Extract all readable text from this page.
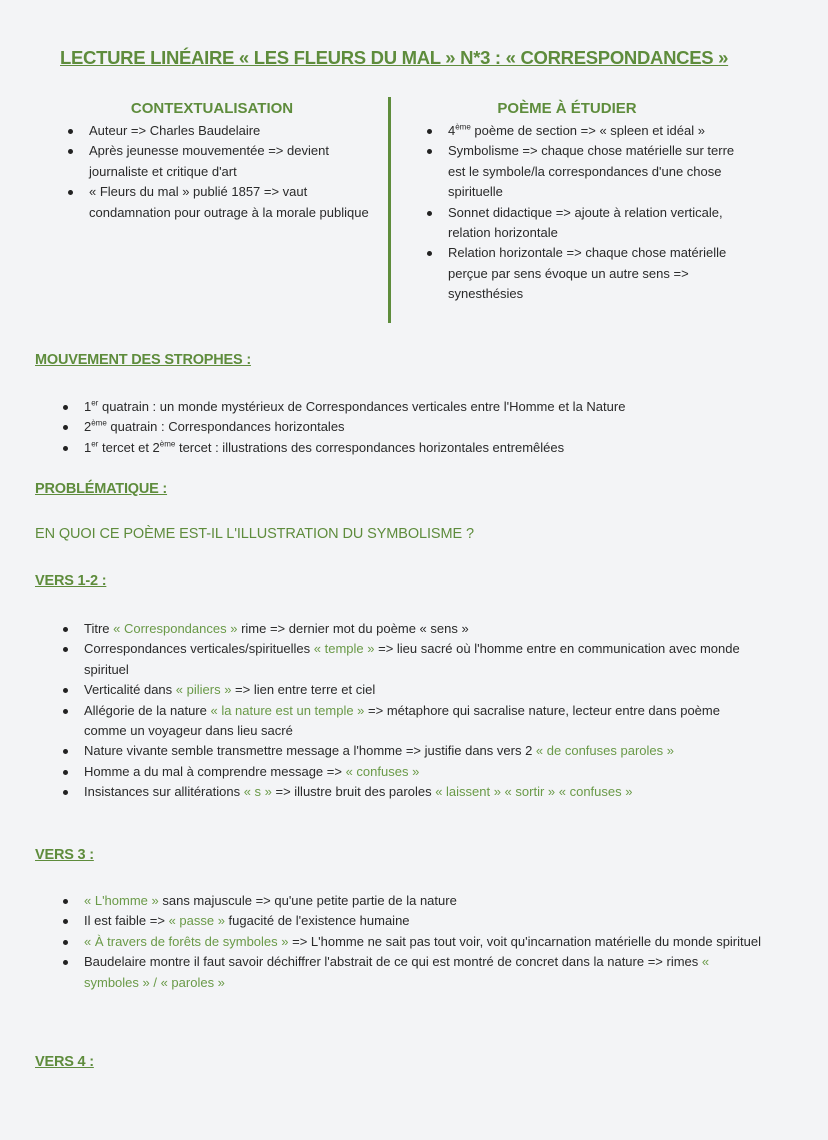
LECTURE LINÉAIRE « LES FLEURS DU MAL » N*3 : « CORRESPONDANCES »
CONTEXTUALISATION
Auteur => Charles Baudelaire
Après jeunesse mouvementée => devient journaliste et critique d'art
« Fleurs du mal » publié 1857 => vaut condamnation pour outrage à la morale publique
POÈME À ÉTUDIER
4ème poème de section => « spleen et idéal »
Symbolisme => chaque chose matérielle sur terre est le symbole/la correspondances d'une chose spirituelle
Sonnet didactique => ajoute à relation verticale, relation horizontale
Relation horizontale => chaque chose matérielle perçue par sens évoque un autre sens => synesthésies
MOUVEMENT DES STROPHES :
1er quatrain : un monde mystérieux de Correspondances verticales entre l'Homme et la Nature
2ème quatrain : Correspondances horizontales
1er tercet et 2ème tercet : illustrations des correspondances horizontales entremêlées
PROBLÉMATIQUE :
EN QUOI CE POÈME EST-IL L'ILLUSTRATION DU SYMBOLISME ?
VERS 1-2 :
Titre « Correspondances » rime => dernier mot du poème « sens »
Correspondances verticales/spirituelles « temple » => lieu sacré où l'homme entre en communication avec monde spirituel
Verticalité dans « piliers » => lien entre terre et ciel
Allégorie de la nature « la nature est un temple » => métaphore qui sacralise nature, lecteur entre dans poème comme un voyageur dans lieu sacré
Nature vivante semble transmettre message a l'homme => justifie dans vers 2 « de confuses paroles »
Homme a du mal à comprendre message => « confuses »
Insistances sur allitérations « s » => illustre bruit des paroles « laissent » « sortir » « confuses »
VERS 3 :
« L'homme » sans majuscule => qu'une petite partie de la nature
Il est faible => « passe » fugacité de l'existence humaine
« À travers de forêts de symboles » => L'homme ne sait pas tout voir, voit qu'incarnation matérielle du monde spirituel
Baudelaire montre il faut savoir déchiffrer l'abstrait de ce qui est montré de concret dans la nature => rimes « symboles » / « paroles »
VERS 4 :
